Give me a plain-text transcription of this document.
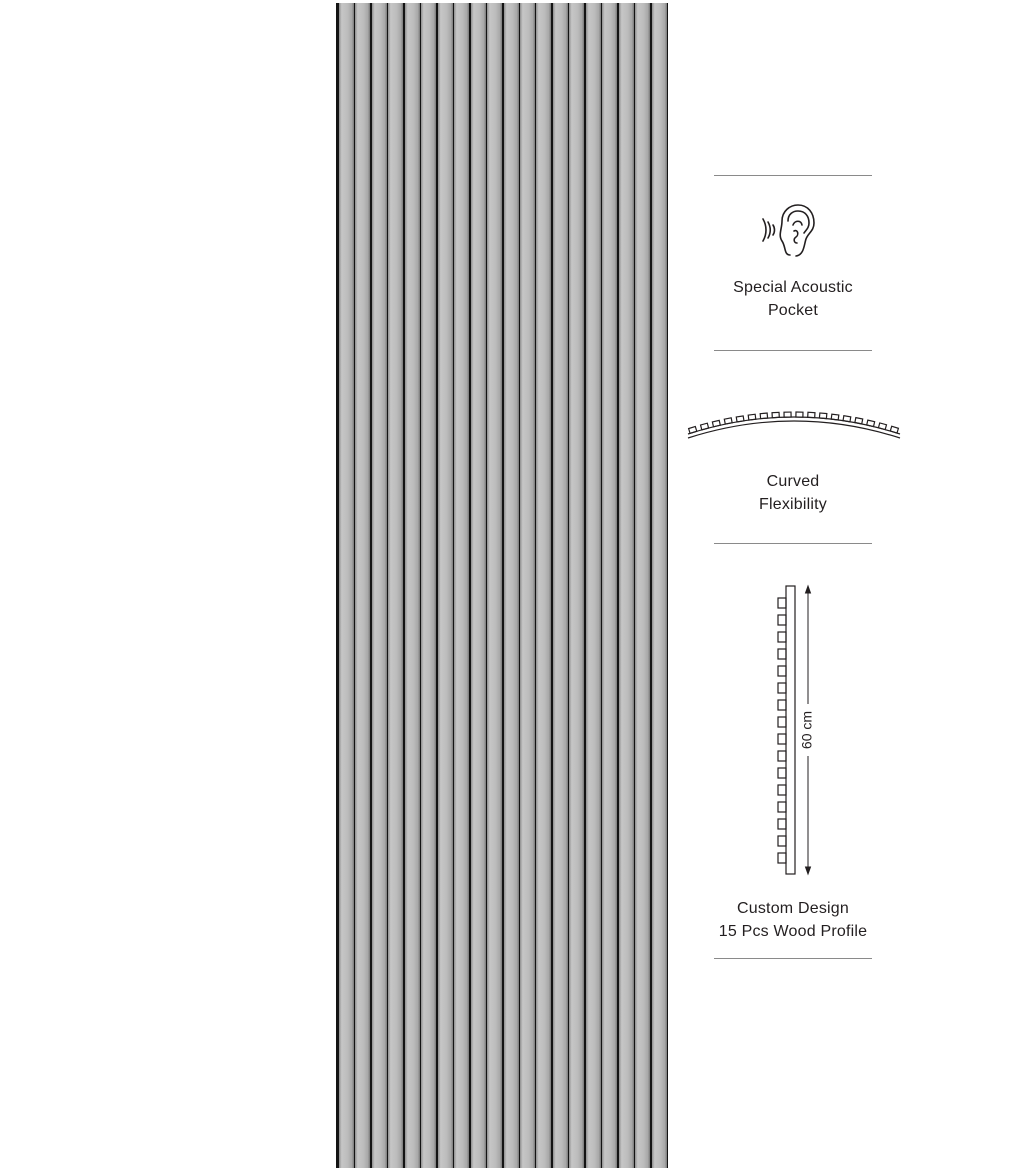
Special Acoustic
Pocket
Curved
Flexibility
60 cm
Custom Design
15 Pcs Wood Profile
